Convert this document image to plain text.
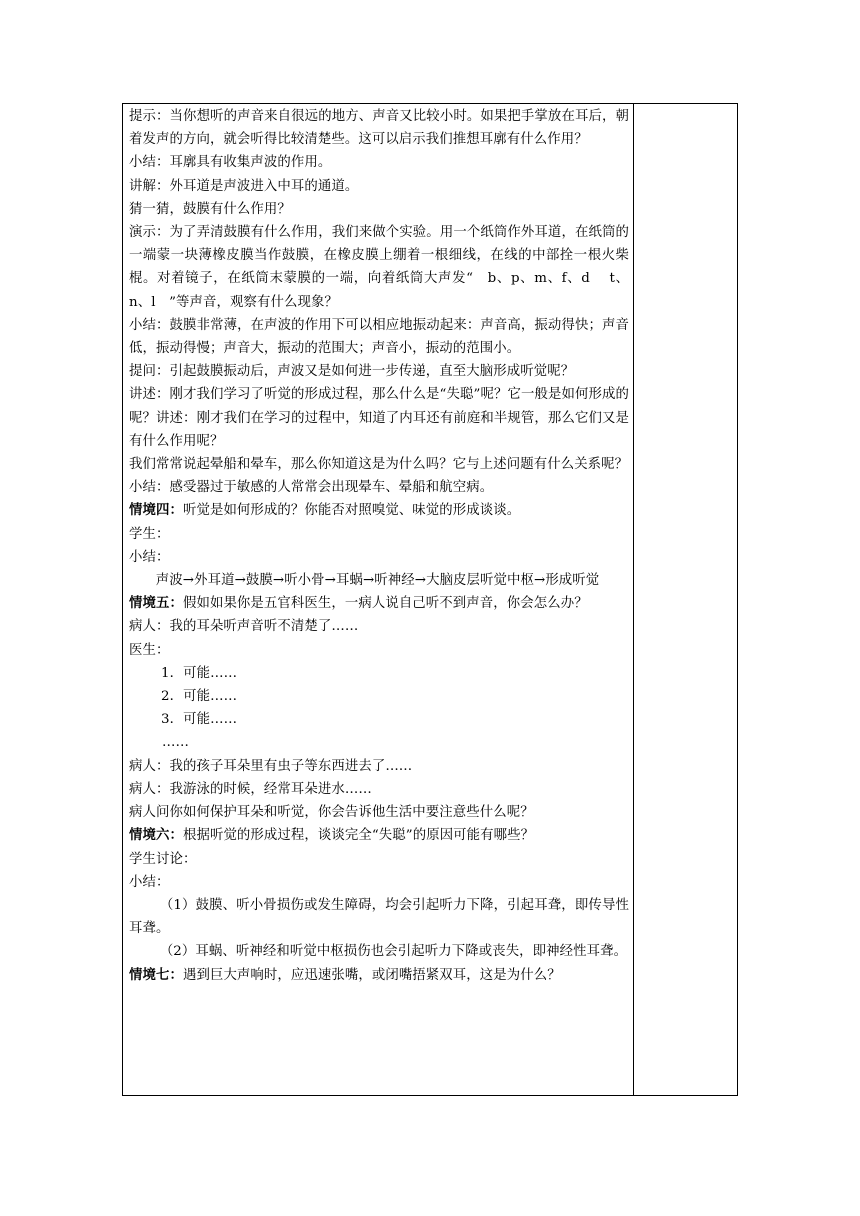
提示：当你想听的声音来自很远的地方、声音又比较小时。如果把手掌放在耳后，朝着发声的方向，就会听得比较清楚些。这可以启示我们推想耳廓有什么作用？

小结：耳廓具有收集声波的作用。

讲解：外耳道是声波进入中耳的通道。

猜一猜，鼓膜有什么作用？

演示：为了弄清鼓膜有什么作用，我们来做个实验。用一个纸筒作外耳道，在纸筒的一端蒙一块薄橡皮膜当作鼓膜，在橡皮膜上绷着一根细线，在线的中部拴一根火柴棍。对着镜子，在纸筒末蒙膜的一端，向着纸筒大声发“　b、p、m、f、d　 t、n、l　”等声音，观察有什么现象？

小结：鼓膜非常薄，在声波的作用下可以相应地振动起来：声音高，振动得快；声音低，振动得慢；声音大，振动的范围大；声音小，振动的范围小。

提问：引起鼓膜振动后，声波又是如何进一步传递，直至大脑形成听觉呢？

讲述：刚才我们学习了听觉的形成过程，那么什么是“失聪”呢？它一般是如何形成的呢？讲述：刚才我们在学习的过程中，知道了内耳还有前庭和半规管，那么它们又是有什么作用呢？

我们常常说起晕船和晕车，那么你知道这是为什么吗？它与上述问题有什么关系呢？

小结：感受器过于敏感的人常常会出现晕车、晕船和航空病。

情境四：听觉是如何形成的？你能否对照嗅觉、味觉的形成谈谈。

学生：

小结：

声波→外耳道→鼓膜→听小骨→耳蜗→听神经→大脑皮层听觉中枢→形成听觉

情境五：假如如果你是五官科医生，一病人说自己听不到声音，你会怎么办？

病人：我的耳朵听声音听不清楚了……

医生：

1．可能……

2．可能……

3．可能……

……

病人：我的孩子耳朵里有虫子等东西进去了……

病人：我游泳的时候，经常耳朵进水……

病人问你如何保护耳朵和听觉，你会告诉他生活中要注意些什么呢？

情境六：根据听觉的形成过程，谈谈完全“失聪”的原因可能有哪些？

学生讨论：

小结：

（1）鼓膜、听小骨损伤或发生障碍，均会引起听力下降，引起耳聋，即传导性耳聋。

（2）耳蜗、听神经和听觉中枢损伤也会引起听力下降或丧失，即神经性耳聋。

情境七：遇到巨大声响时，应迅速张嘴，或闭嘴捂紧双耳，这是为什么？
